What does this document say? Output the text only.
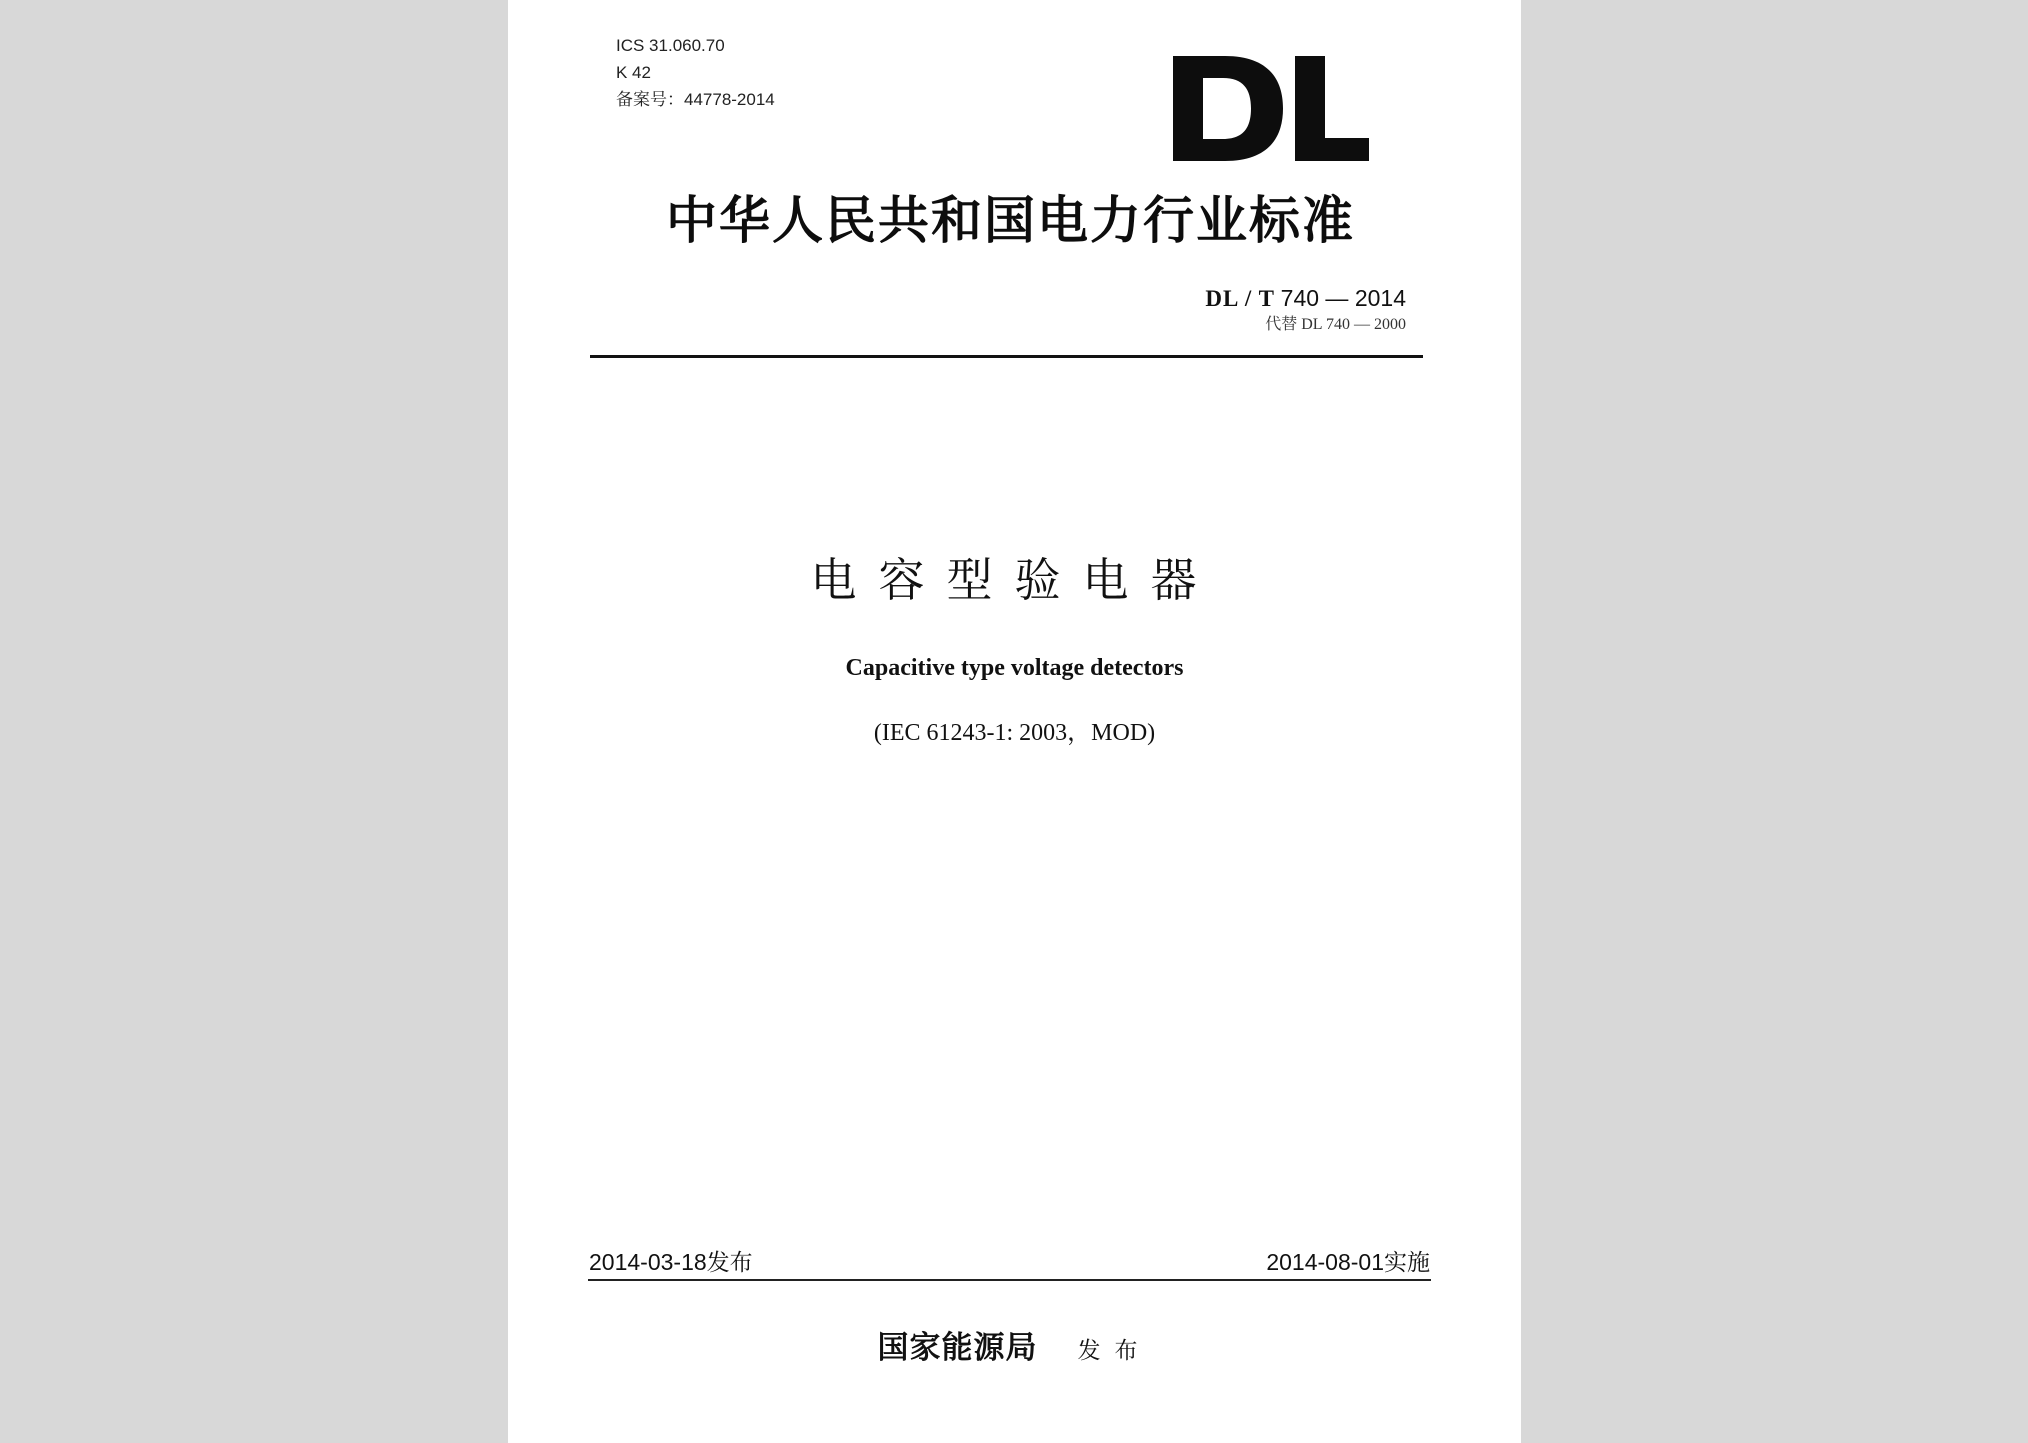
ICS 31.060.70
K 42
备案号：44778-2014
中华人民共和国电力行业标准
DL / T 740 — 2014
代替 DL 740 — 2000
电容型验电器
Capacitive type voltage detectors
(IEC 61243-1: 2003，MOD)
2014-03-18发布	2014-08-01实施
国家能源局 发布
